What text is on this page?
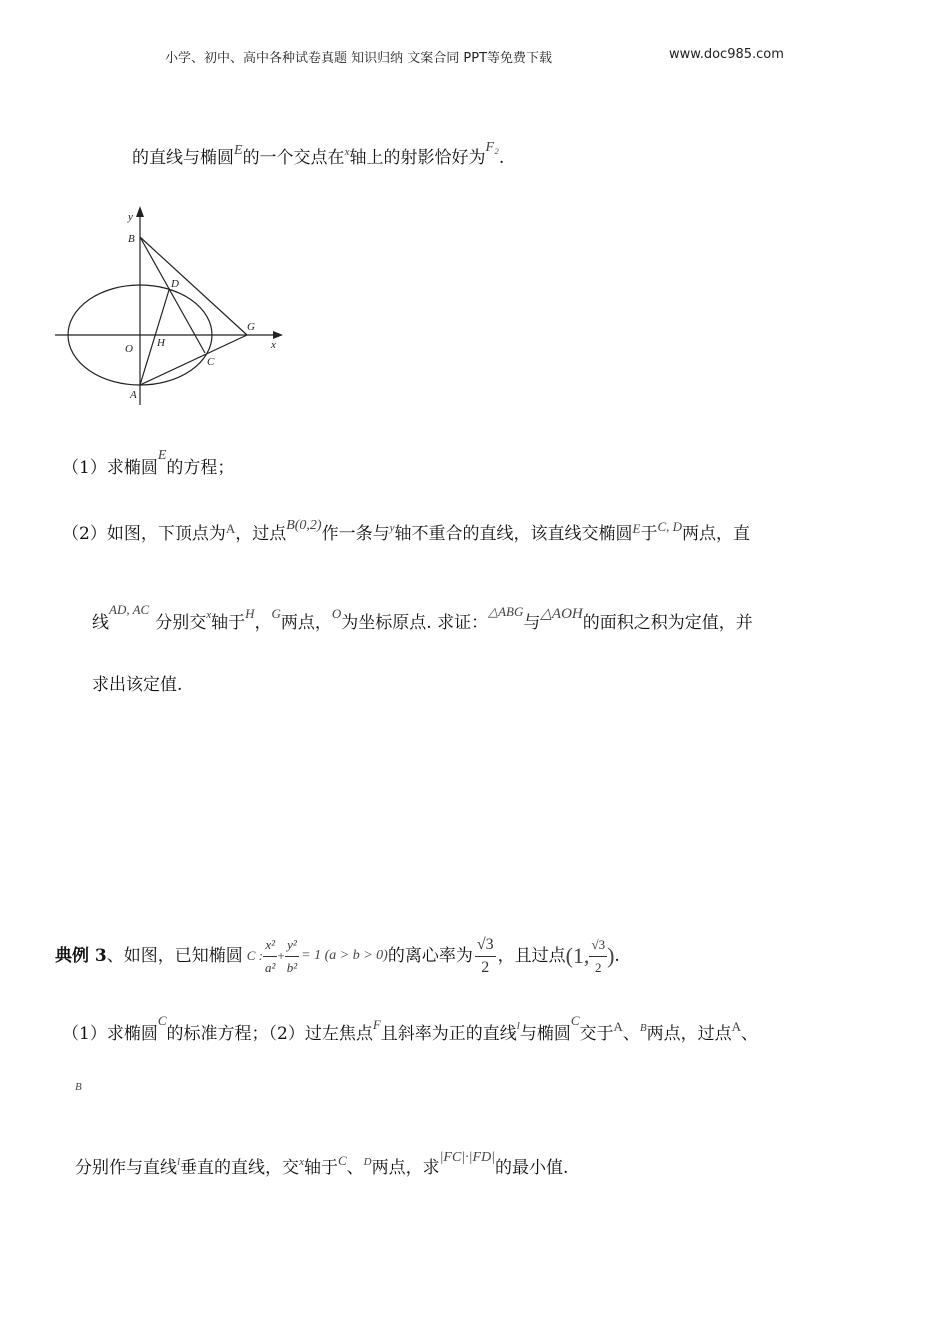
小学、初中、高中各种试卷真题 知识归纳 文案合同 PPT等免费下载	www.doc985.com
的直线与椭圆$^E$的一个交点在$^x$轴上的射影恰好为$^{F_2}$.
y
x
B
D
G
O H
C
A
（1）求椭圆$^E$的方程；
（2）如图，下顶点为$^A$，过点$^{B(0,2)}$作一条与$^y$轴不重合的直线，该直线交椭圆$^E$于$^{C, D}$两点，直
线$^{AD, AC}$分别交$^x$轴于$^H$，$^G$两点，$^O$为坐标原点. 求证：$^{\triangle ABG}$与△AOH的面积之积为定值，并
求出该定值.
典例 3 、如图，已知椭圆 C : $\frac{\text{x²}}{\text{a²}} + \frac{\text{y²}}{\text{b²}} = 1$ (a > b > 0) 的离心率为 $\frac{√3}{2}$ ，且过点 (1, $\frac{√3}{2}$ ) .
（1）求椭圆$^C$的标准方程；（2）过左焦点$^F$且斜率为正的直线$^l$与椭圆$^C$交于$^A$、$^B$两点，过点$^A$、
B
分别作与直线$^l$垂直的直线，交$^x$轴于$^C$、$^D$两点，求$^{|FC|\cdot|FD|}$的最小值.
